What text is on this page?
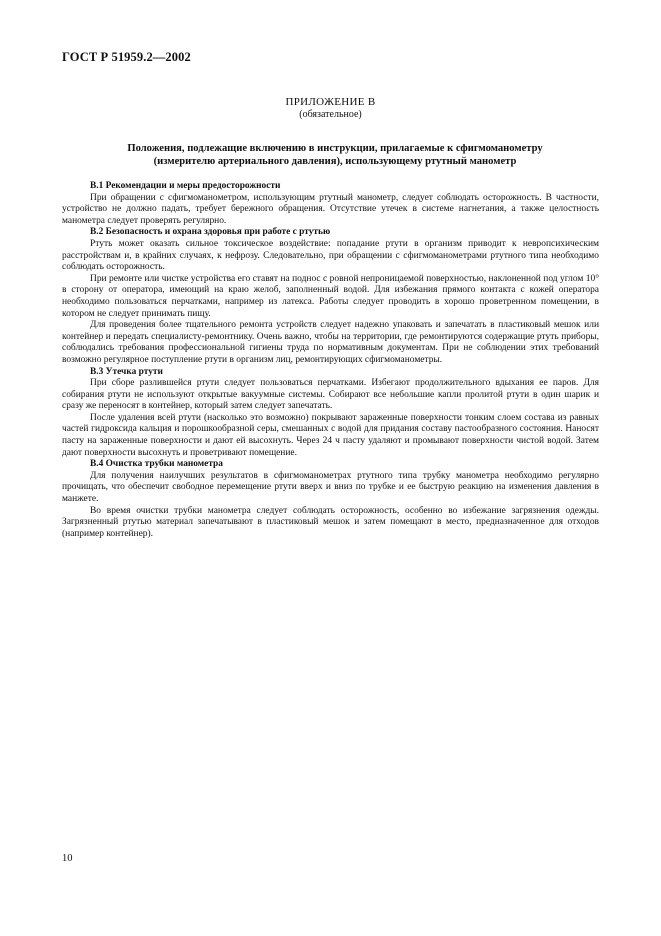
ГОСТ Р 51959.2—2002
ПРИЛОЖЕНИЕ В
(обязательное)
Положения, подлежащие включению в инструкции, прилагаемые к сфигмоманометру (измерителю артериального давления), использующему ртутный манометр
В.1 Рекомендации и меры предосторожности

При обращении с сфигмоманометром, использующим ртутный манометр, следует соблюдать осторожность. В частности, устройство не должно падать, требует бережного обращения. Отсутствие утечек в системе нагнетания, а также целостность манометра следует проверять регулярно.

В.2 Безопасность и охрана здоровья при работе с ртутью

Ртуть может оказать сильное токсическое воздействие: попадание ртути в организм приводит к невропсихическим расстройствам и, в крайних случаях, к нефрозу. Следовательно, при обращении с сфигмоманометрами ртутного типа необходимо соблюдать осторожность.

При ремонте или чистке устройства его ставят на поднос с ровной непроницаемой поверхностью, наклоненной под углом 10° в сторону от оператора, имеющий на краю желоб, заполненный водой. Для избежания прямого контакта с кожей оператора необходимо пользоваться перчатками, например из латекса. Работы следует проводить в хорошо проветренном помещении, в котором не следует принимать пищу.

Для проведения более тщательного ремонта устройств следует надежно упаковать и запечатать в пластиковый мешок или контейнер и передать специалисту-ремонтнику. Очень важно, чтобы на территории, где ремонтируются содержащие ртуть приборы, соблюдались требования профессиональной гигиены труда по нормативным документам. При не соблюдении этих требований возможно регулярное поступление ртути в организм лиц, ремонтирующих сфигмоманометры.

В.3 Утечка ртути

При сборе разлившейся ртути следует пользоваться перчатками. Избегают продолжительного вдыхания ее паров. Для собирания ртути не используют открытые вакуумные системы. Собирают все небольшие капли пролитой ртути в один шарик и сразу же переносят в контейнер, который затем следует запечатать.

После удаления всей ртути (насколько это возможно) покрывают зараженные поверхности тонким слоем состава из равных частей гидроксида кальция и порошкообразной серы, смешанных с водой для придания составу пастообразного состояния. Наносят пасту на зараженные поверхности и дают ей высохнуть. Через 24 ч пасту удаляют и промывают поверхности чистой водой. Затем дают поверхности высохнуть и проветривают помещение.

В.4 Очистка трубки манометра

Для получения наилучших результатов в сфигмоманометрах ртутного типа трубку манометра необходимо регулярно прочищать, что обеспечит свободное перемещение ртути вверх и вниз по трубке и ее быструю реакцию на изменения давления в манжете.

Во время очистки трубки манометра следует соблюдать осторожность, особенно во избежание загрязнения одежды. Загрязненный ртутью материал запечатывают в пластиковый мешок и затем помещают в место, предназначенное для отходов (например контейнер).

10
